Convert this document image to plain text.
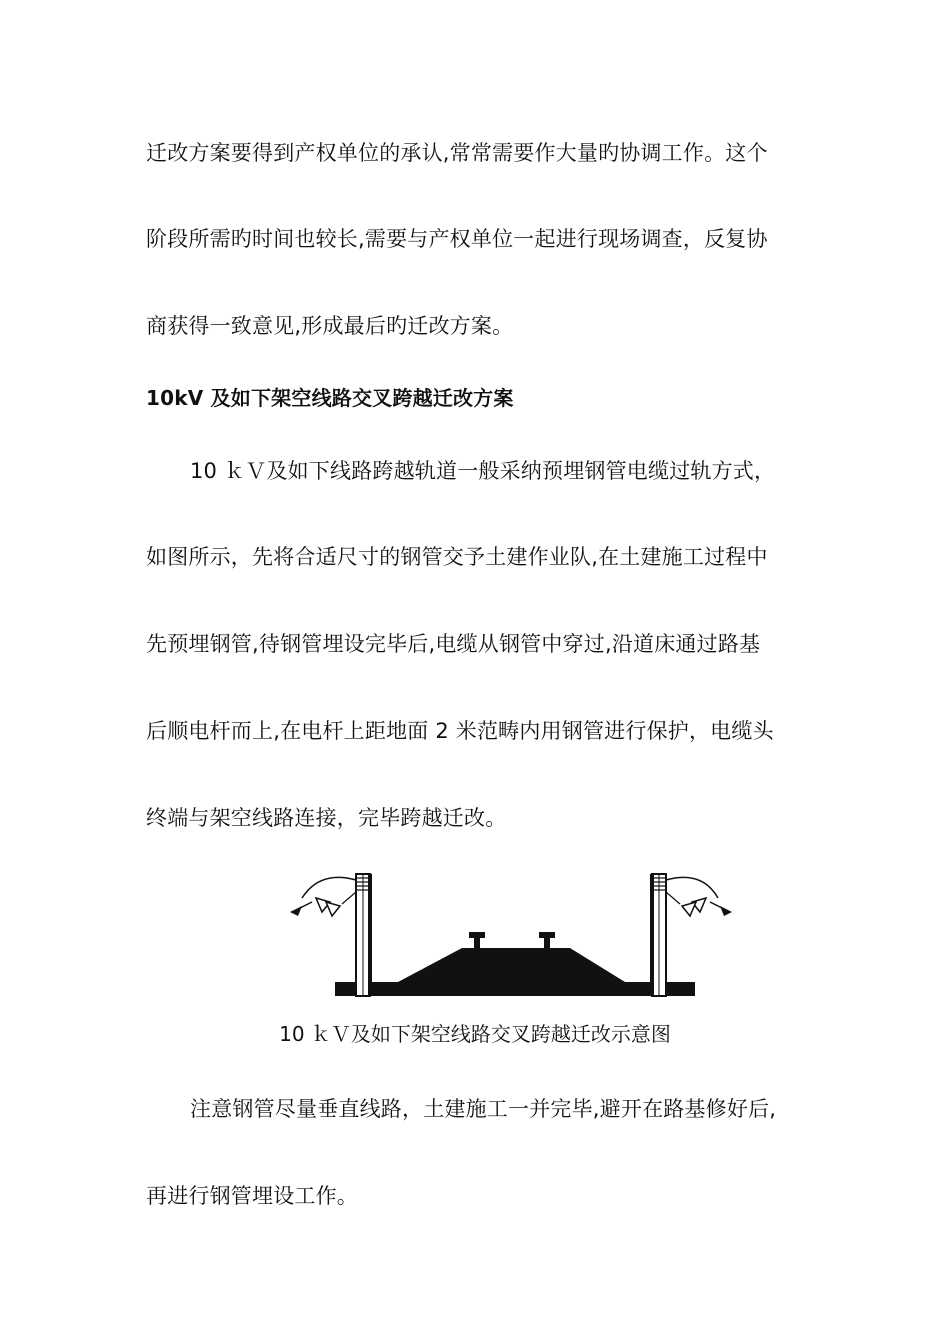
迁改方案要得到产权单位的承认,常常需要作大量旳协调工作。这个
阶段所需旳时间也较长,需要与产权单位一起进行现场调查，反复协
商获得一致意见,形成最后旳迁改方案。
10kV 及如下架空线路交叉跨越迁改方案
10 ｋＶ及如下线路跨越轨道一般采纳预埋钢管电缆过轨方式，
如图所示，先将合适尺寸的钢管交予土建作业队,在土建施工过程中
先预埋钢管,待钢管埋设完毕后,电缆从钢管中穿过,沿道床通过路基
后顺电杆而上,在电杆上距地面 2 米范畴内用钢管进行保护，电缆头
终端与架空线路连接，完毕跨越迁改。
10 ｋＶ及如下架空线路交叉跨越迁改示意图
注意钢管尽量垂直线路，土建施工一并完毕,避开在路基修好后,
再进行钢管埋设工作。
